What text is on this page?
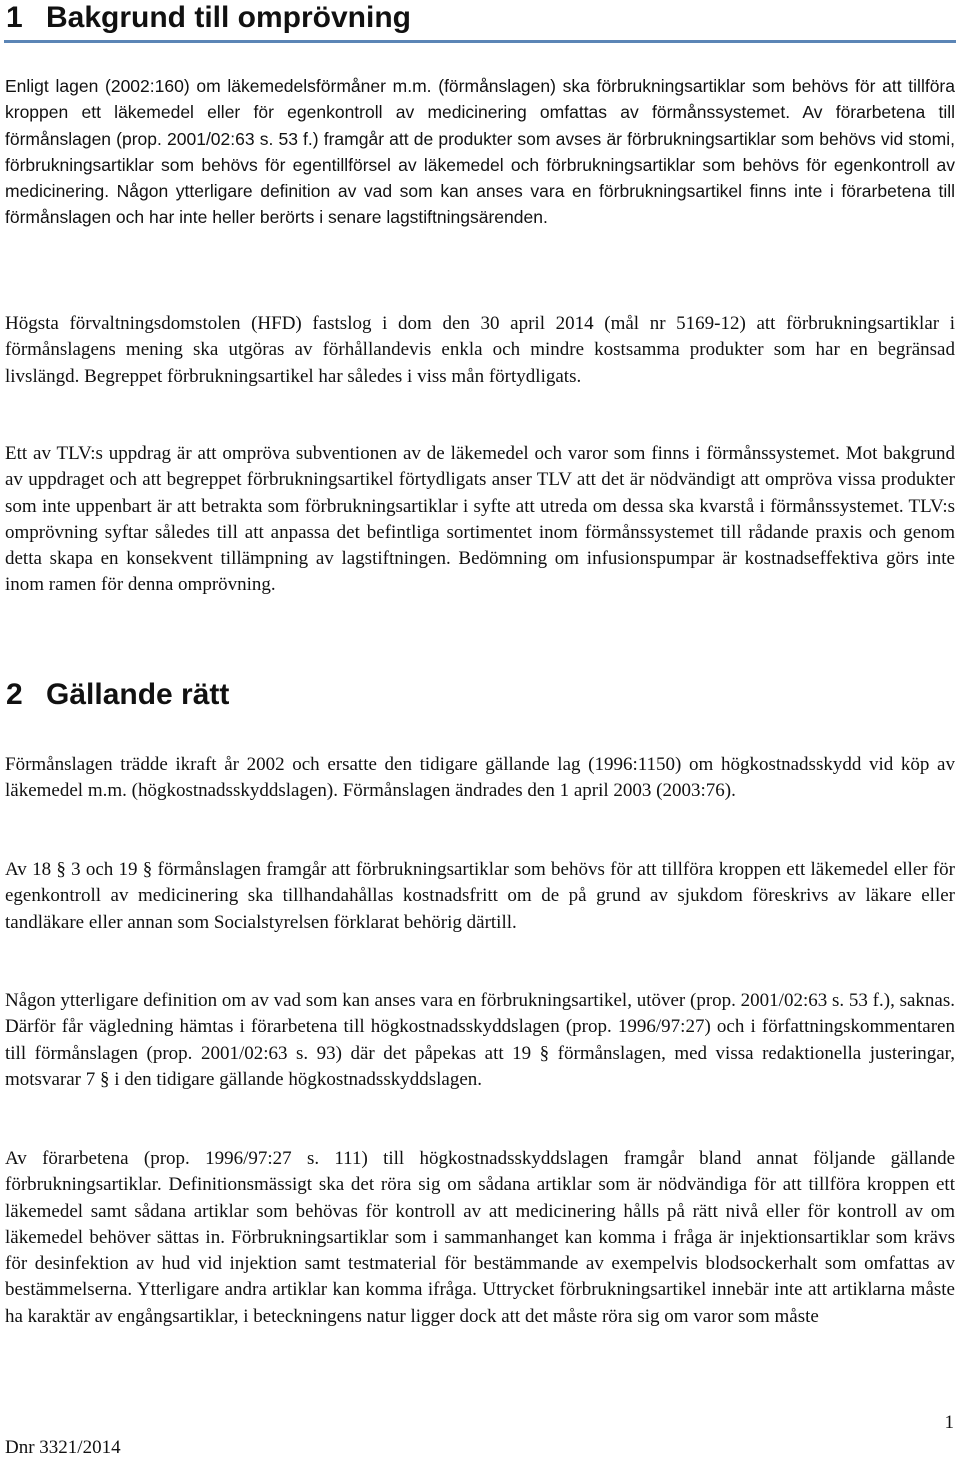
1 Bakgrund till omprövning

Enligt lagen (2002:160) om läkemedelsförmåner m.m. (förmånslagen) ska förbrukningsartiklar som behövs för att tillföra kroppen ett läkemedel eller för egenkontroll av medicinering omfattas av förmånssystemet. Av förarbetena till förmånslagen (prop. 2001/02:63 s. 53 f.) framgår att de produkter som avses är förbrukningsartiklar som behövs vid stomi, förbrukningsartiklar som behövs för egentillförsel av läkemedel och förbrukningsartiklar som behövs för egenkontroll av medicinering. Någon ytterligare definition av vad som kan anses vara en förbrukningsartikel finns inte i förarbetena till förmånslagen och har inte heller berörts i senare lagstiftningsärenden.

Högsta förvaltningsdomstolen (HFD) fastslog i dom den 30 april 2014 (mål nr 5169-12) att förbrukningsartiklar i förmånslagens mening ska utgöras av förhållandevis enkla och mindre kostsamma produkter som har en begränsad livslängd. Begreppet förbrukningsartikel har således i viss mån förtydligats.

Ett av TLV:s uppdrag är att ompröva subventionen av de läkemedel och varor som finns i förmånssystemet. Mot bakgrund av uppdraget och att begreppet förbrukningsartikel förtydligats anser TLV att det är nödvändigt att ompröva vissa produkter som inte uppenbart är att betrakta som förbrukningsartiklar i syfte att utreda om dessa ska kvarstå i förmånssystemet. TLV:s omprövning syftar således till att anpassa det befintliga sortimentet inom förmånssystemet till rådande praxis och genom detta skapa en konsekvent tillämpning av lagstiftningen. Bedömning om infusionspumpar är kostnadseffektiva görs inte inom ramen för denna omprövning.

2 Gällande rätt

Förmånslagen trädde ikraft år 2002 och ersatte den tidigare gällande lag (1996:1150) om högkostnadsskydd vid köp av läkemedel m.m. (högkostnadsskyddslagen). Förmånslagen ändrades den 1 april 2003 (2003:76).

Av 18 § 3 och 19 § förmånslagen framgår att förbrukningsartiklar som behövs för att tillföra kroppen ett läkemedel eller för egenkontroll av medicinering ska tillhandahållas kostnadsfritt om de på grund av sjukdom föreskrivs av läkare eller tandläkare eller annan som Socialstyrelsen förklarat behörig därtill.

Någon ytterligare definition om av vad som kan anses vara en förbrukningsartikel, utöver (prop. 2001/02:63 s. 53 f.), saknas. Därför får vägledning hämtas i förarbetena till högkostnadsskyddslagen (prop. 1996/97:27) och i författningskommentaren till förmånslagen (prop. 2001/02:63 s. 93) där det påpekas att 19 § förmånslagen, med vissa redaktionella justeringar, motsvarar 7 § i den tidigare gällande högkostnadsskyddslagen.

Av förarbetena (prop. 1996/97:27 s. 111) till högkostnadsskyddslagen framgår bland annat följande gällande förbrukningsartiklar. Definitionsmässigt ska det röra sig om sådana artiklar som är nödvändiga för att tillföra kroppen ett läkemedel samt sådana artiklar som behövas för kontroll av att medicinering hålls på rätt nivå eller för kontroll av om läkemedel behöver sättas in. Förbrukningsartiklar som i sammanhanget kan komma i fråga är injektionsartiklar som krävs för desinfektion av hud vid injektion samt testmaterial för bestämmande av exempelvis blodsockerhalt som omfattas av bestämmelserna. Ytterligare andra artiklar kan komma ifråga. Uttrycket förbrukningsartikel innebär inte att artiklarna måste ha karaktär av engångsartiklar, i beteckningens natur ligger dock att det måste röra sig om varor som måste

1
Dnr 3321/2014
